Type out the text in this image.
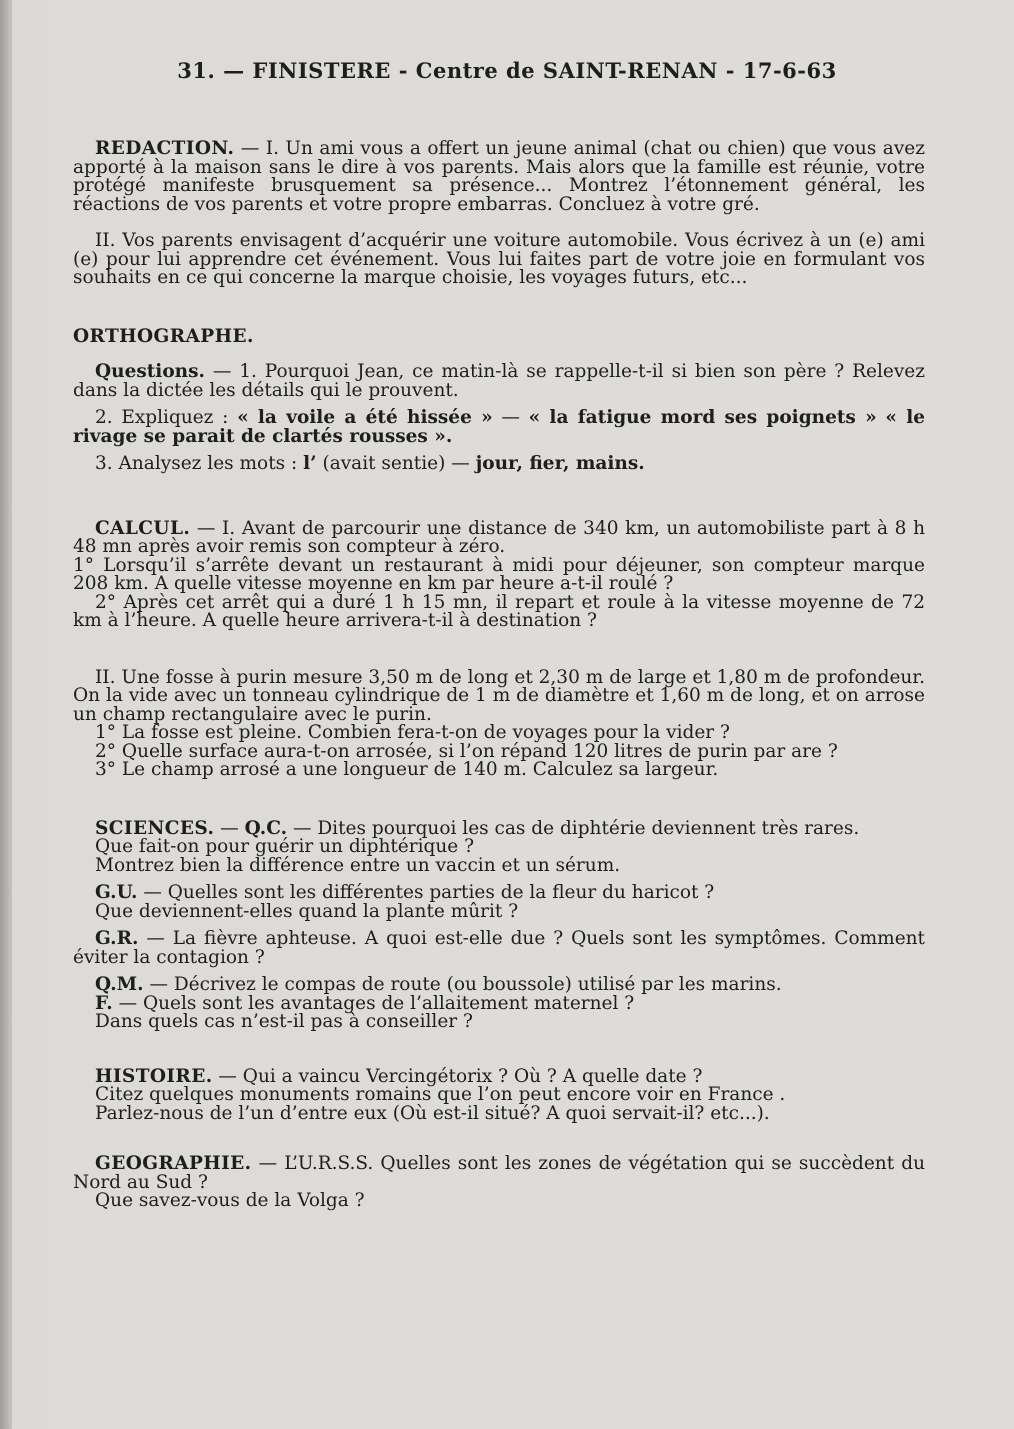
31. — FINISTERE - Centre de SAINT-RENAN - 17-6-63

REDACTION. — I. Un ami vous a offert un jeune animal (chat ou chien) que vous avez apporté à la maison sans le dire à vos parents. Mais alors que la famille est réunie, votre protégé manifeste brusquement sa présence... Montrez l’étonnement général, les réactions de vos parents et votre propre embarras. Concluez à votre gré.

II. Vos parents envisagent d’acquérir une voiture automobile. Vous écrivez à un (e) ami (e) pour lui apprendre cet événement. Vous lui faites part de votre joie en formulant vos souhaits en ce qui concerne la marque choisie, les voyages futurs, etc...

ORTHOGRAPHE.

Questions. — 1. Pourquoi Jean, ce matin-là se rappelle-t-il si bien son père ? Relevez dans la dictée les détails qui le prouvent.

2. Expliquez : « la voile a été hissée » — « la fatigue mord ses poignets » « le rivage se parait de clartés rousses ».

3. Analysez les mots : l’ (avait sentie) — jour, fier, mains.

CALCUL. — I. Avant de parcourir une distance de 340 km, un automobiliste part à 8 h 48 mn après avoir remis son compteur à zéro.

1° Lorsqu’il s’arrête devant un restaurant à midi pour déjeuner, son compteur marque 208 km. A quelle vitesse moyenne en km par heure a-t-il roulé ?

2° Après cet arrêt qui a duré 1 h 15 mn, il repart et roule à la vitesse moyenne de 72 km à l’heure. A quelle heure arrivera-t-il à destination ?

II. Une fosse à purin mesure 3,50 m de long et 2,30 m de large et 1,80 m de profondeur. On la vide avec un tonneau cylindrique de 1 m de diamètre et 1,60 m de long, et on arrose un champ rectangulaire avec le purin.

1° La fosse est pleine. Combien fera-t-on de voyages pour la vider ?

2° Quelle surface aura-t-on arrosée, si l’on répand 120 litres de purin par are ?

3° Le champ arrosé a une longueur de 140 m. Calculez sa largeur.

SCIENCES. — Q.C. — Dites pourquoi les cas de diphtérie deviennent très rares.

Que fait-on pour guérir un diphtérique ?

Montrez bien la différence entre un vaccin et un sérum.

G.U. — Quelles sont les différentes parties de la fleur du haricot ?

Que deviennent-elles quand la plante mûrit ?

G.R. — La fièvre aphteuse. A quoi est-elle due ? Quels sont les symptômes. Comment éviter la contagion ?

Q.M. — Décrivez le compas de route (ou boussole) utilisé par les marins.

F. — Quels sont les avantages de l’allaitement maternel ?

Dans quels cas n’est-il pas à conseiller ?

HISTOIRE. — Qui a vaincu Vercingétorix ? Où ? A quelle date ?

Citez quelques monuments romains que l’on peut encore voir en France .

Parlez-nous de l’un d’entre eux (Où est-il situé? A quoi servait-il? etc...).

GEOGRAPHIE. — L’U.R.S.S. Quelles sont les zones de végétation qui se succèdent du Nord au Sud ?

Que savez-vous de la Volga ?
